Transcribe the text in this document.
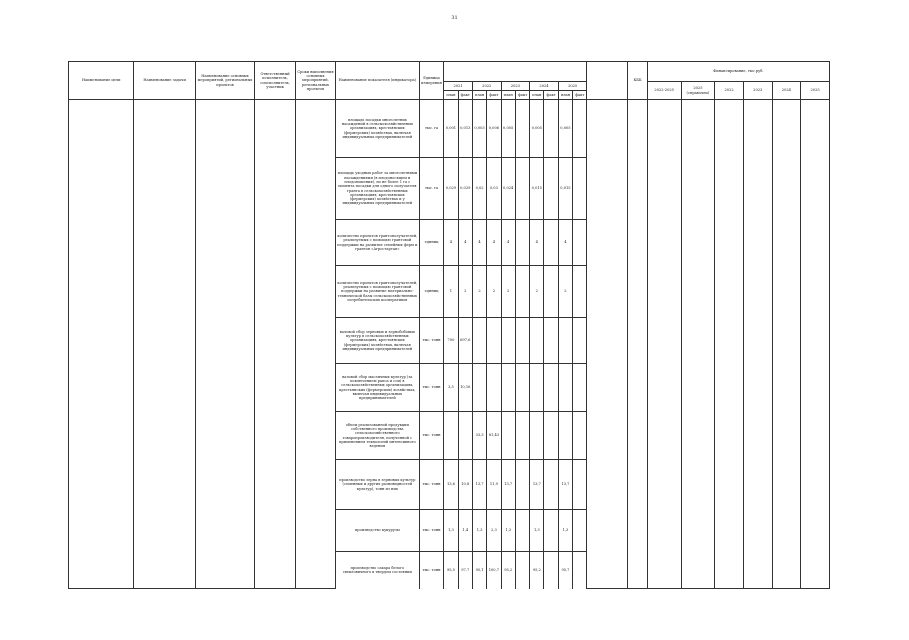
31
Наименование цели	Наименование задачи	Наименование основных мероприятий, региональных проектов	Ответственный исполнитель, соисполнитель, участник	Сроки выполнения основных мероприятий, региональных проектов	Наименование показателя (индикатора)	Единица измерения												КБК	Финансирование, тыс.руб.					
							2021		2022		2023		2024		2025				2022-2025	2025 (справочно)	2022	2023	2024	2025
							план	факт	план	факт	план	факт	план	факт	план	факт								
					площадь посадки многолетних насаждений в сельскохозяйственных организациях, крестьянских (фермерских) хозяйствах, включая индивидуальных предпринимателей	тыс. га	0,001	0,013	0,003	0,006	0,005		0,005		0,005									
					площадь уходных работ за многолетними насаждениями (в плодоносящем и плодоношения), но не более 1 га с момента посадки для одного получателя гранта в сельскохозяйственных организациях, крестьянских (фермерских) хозяйствах и у индивидуальных предпринимателей	тыс. га	0,029	0,029	0,02	0,03	0,024		0,015		0,015									
					количество проектов грантополучателей, реализуемых с помощью грантовой поддержки на развитие семейных ферм и грантов «Агростартап»	единиц	4	4	4	4	4		4		4									
					количество проектов грантополучателей, реализуемых с помощью грантовой поддержки на развитие материально-технической базы сельскохозяйственных потребительских кооперативов	единиц	1	2	2	2	2		2		2									
					валовой сбор зерновых и зернобобовых культур в сельскохозяйственных организациях, крестьянских (фермерских) хозяйствах, включая индивидуальных предпринимателей	тыс. тонн	700	697,6																
					валовой сбор масличных культур (за исключением рапса и сои) в сельскохозяйственных организациях, крестьянских (фермерских) хозяйствах, включая индивидуальных предпринимателей	тыс. тонн	3,5	10,16																
					объем реализованной продукции собственного производства сельскохозяйственного товаропроизводителя, полученной с применением технологий интенсивного ведения	тыс. тонн			33,3	81,43														
					производство зерна в зерновых культур (семенных и других разновидностей культур), тонн из них	тыс. тонн	13,6	10,8	13,7	11,9	13,7		13,7		13,7									
					производство кукурузы	тыс. тонн	1,3	1,4	1,3	2,3	1,3		1,3		1,3									
					производство сахара белого свекловичного в твердом состоянии	тыс. тонн	95,5	97,7	95,1	100,7	95,2		95,2		95,7									
